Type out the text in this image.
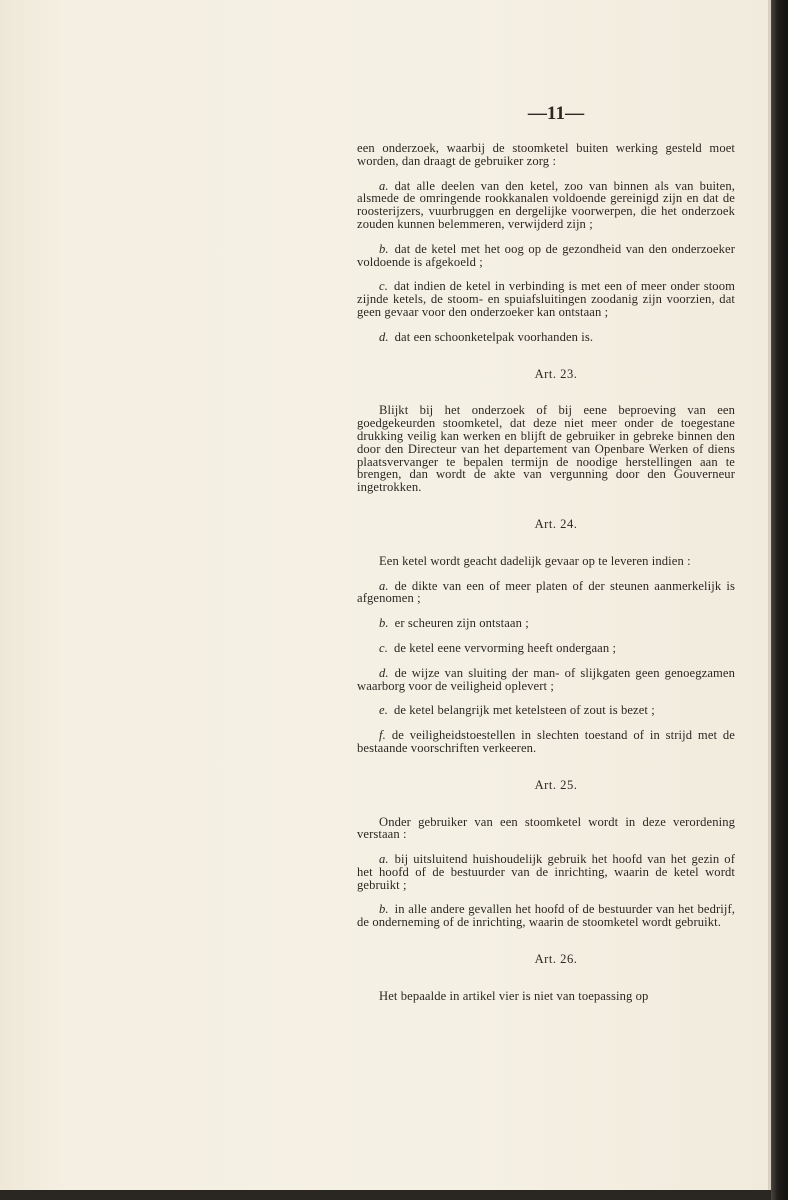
—11—

een onderzoek, waarbij de stoomketel buiten werking gesteld moet worden, dan draagt de gebruiker zorg :

a. dat alle deelen van den ketel, zoo van binnen als van buiten, alsmede de omringende rookkanalen voldoende gereinigd zijn en dat de roosterijzers, vuurbruggen en dergelijke voorwerpen, die het onderzoek zouden kunnen belemmeren, verwijderd zijn ;

b. dat de ketel met het oog op de gezondheid van den onderzoeker voldoende is afgekoeld ;

c. dat indien de ketel in verbinding is met een of meer onder stoom zijnde ketels, de stoom- en spuiafsluitingen zoodanig zijn voorzien, dat geen gevaar voor den onderzoeker kan ontstaan ;

d. dat een schoonketelpak voorhanden is.

Art. 23.

Blijkt bij het onderzoek of bij eene beproeving van een goedgekeurden stoomketel, dat deze niet meer onder de toegestane drukking veilig kan werken en blijft de gebruiker in gebreke binnen den door den Directeur van het departement van Openbare Werken of diens plaatsvervanger te bepalen termijn de noodige herstellingen aan te brengen, dan wordt de akte van vergunning door den Gouverneur ingetrokken.

Art. 24.

Een ketel wordt geacht dadelijk gevaar op te leveren indien :

a. de dikte van een of meer platen of der steunen aanmerkelijk is afgenomen ;

b. er scheuren zijn ontstaan ;

c. de ketel eene vervorming heeft ondergaan ;

d. de wijze van sluiting der man- of slijkgaten geen genoegzamen waarborg voor de veiligheid oplevert ;

e. de ketel belangrijk met ketelsteen of zout is bezet ;

f. de veiligheidstoestellen in slechten toestand of in strijd met de bestaande voorschriften verkeeren.

Art. 25.

Onder gebruiker van een stoomketel wordt in deze verordening verstaan :

a. bij uitsluitend huishoudelijk gebruik het hoofd van het gezin of het hoofd of de bestuurder van de inrichting, waarin de ketel wordt gebruikt ;

b. in alle andere gevallen het hoofd of de bestuurder van het bedrijf, de onderneming of de inrichting, waarin de stoomketel wordt gebruikt.

Art. 26.

Het bepaalde in artikel vier is niet van toepassing op
